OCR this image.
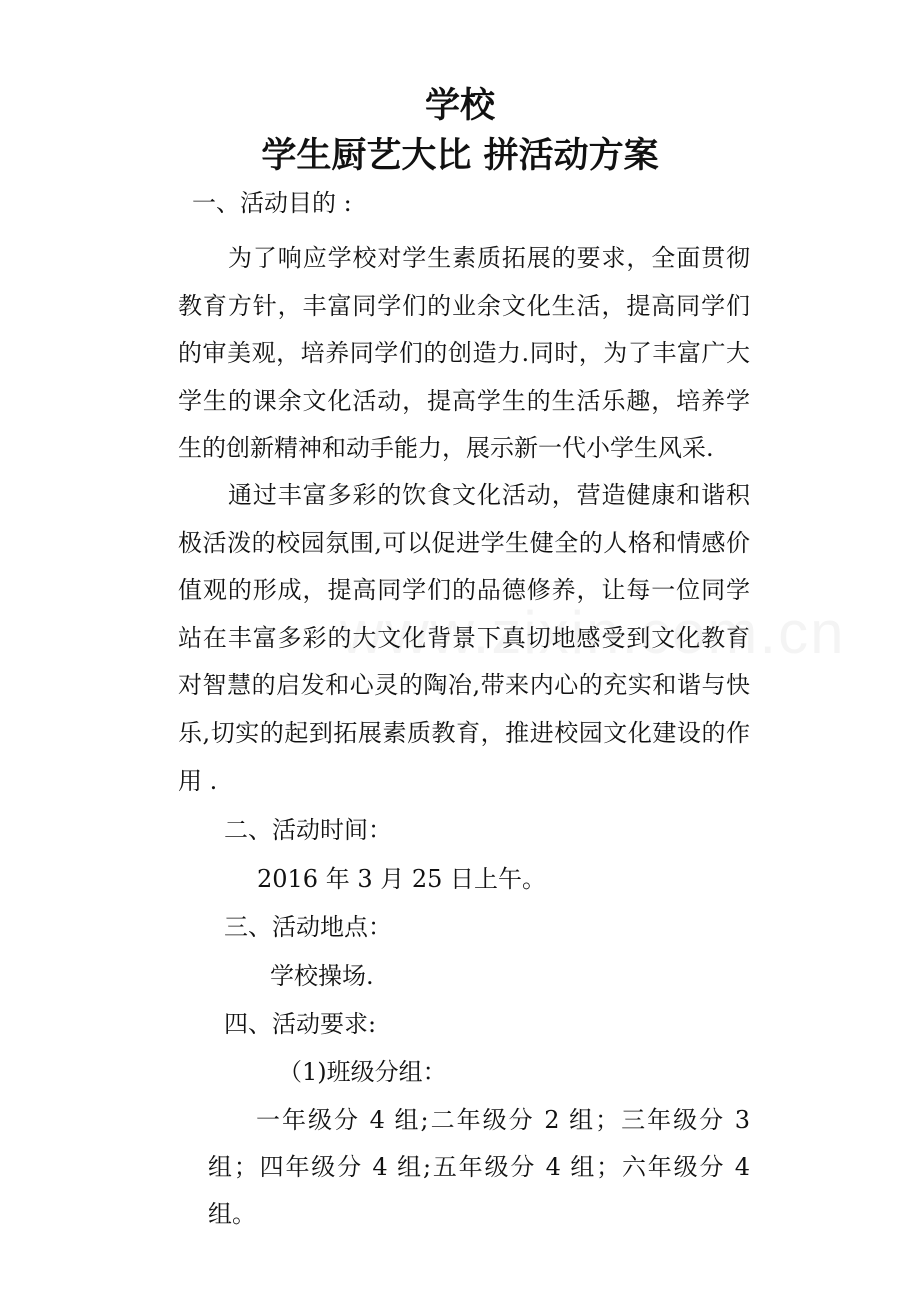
学校
学生厨艺大比 拼活动方案
一、活动目的 :
为了响应学校对学生素质拓展的要求，全面贯彻教育方针，丰富同学们的业余文化生活，提高同学们的审美观，培养同学们的创造力.同时，为了丰富广大学生的课余文化活动，提高学生的生活乐趣，培养学生的创新精神和动手能力，展示新一代小学生风采.
通过丰富多彩的饮食文化活动，营造健康和谐积极活泼的校园氛围,可以促进学生健全的人格和情感价值观的形成，提高同学们的品德修养，让每一位同学站在丰富多彩的大文化背景下真切地感受到文化教育对智慧的启发和心灵的陶冶,带来内心的充实和谐与快乐,切实的起到拓展素质教育，推进校园文化建设的作用 .
二、活动时间：
2016 年 3 月 25 日上午。
三、活动地点：
学校操场.
四、活动要求:
（1)班级分组：
一年级分 4 组;二年级分 2 组；三年级分 3 组；四年级分 4 组;五年级分 4 组；六年级分 4 组。
